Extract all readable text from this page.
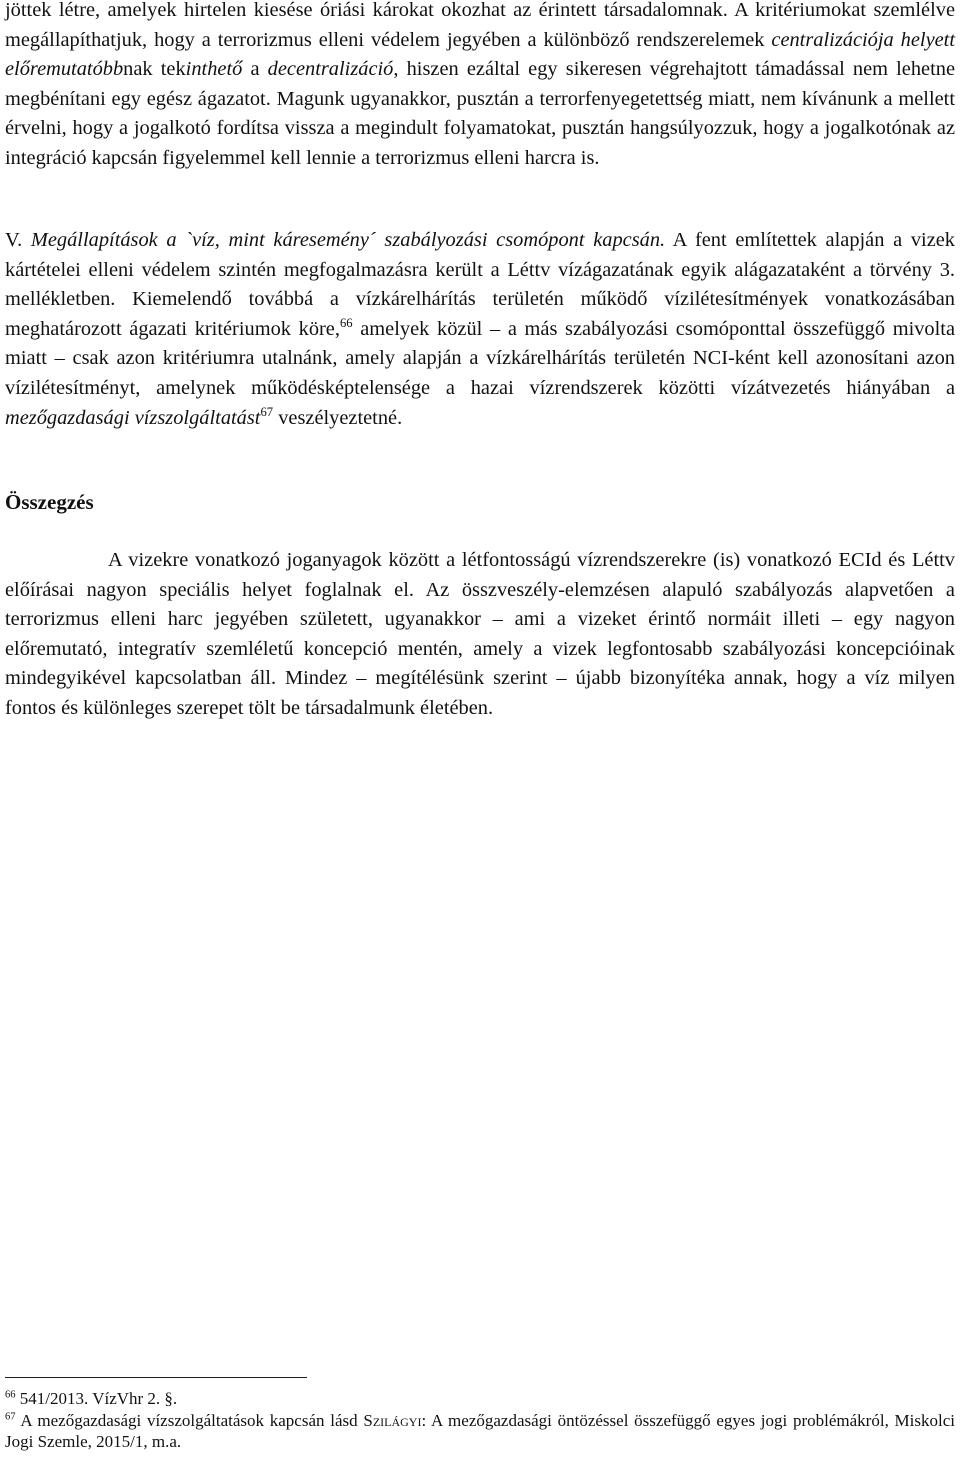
jöttek létre, amelyek hirtelen kiesése óriási károkat okozhat az érintett társadalomnak. A kritériumokat szemlélve megállapíthatjuk, hogy a terrorizmus elleni védelem jegyében a különböző rendszerelemek centralizációja helyett előremutatóbbnak tekinthető a decentralizáció, hiszen ezáltal egy sikeresen végrehajtott támadással nem lehetne megbénítani egy egész ágazatot. Magunk ugyanakkor, pusztán a terrorfenyegetettség miatt, nem kívánunk a mellett érvelni, hogy a jogalkotó fordítsa vissza a megindult folyamatokat, pusztán hangsúlyozzuk, hogy a jogalkotónak az integráció kapcsán figyelemmel kell lennie a terrorizmus elleni harcra is.

V. Megállapítások a `víz, mint káresemény´ szabályozási csomópont kapcsán. A fent említettek alapján a vizek kártételei elleni védelem szintén megfogalmazásra került a Léttv vízágazatának egyik alágazataként a törvény 3. mellékletben. Kiemelendő továbbá a vízkárelhárítás területén működő vízilétesítmények vonatkozásában meghatározott ágazati kritériumok köre,$^{66}$ amelyek közül – a más szabályozási csomóponttal összefüggő mivolta miatt – csak azon kritériumra utalnánk, amely alapján a vízkárelhárítás területén NCI-ként kell azonosítani azon vízilétesítményt, amelynek működésképtelensége a hazai vízrendszerek közötti vízátvezetés hiányában a mezőgazdasági vízszolgáltatást$^{67}$ veszélyeztetné.

Összegzés

A vizekre vonatkozó joganyagok között a létfontosságú vízrendszerekre (is) vonatkozó ECId és Léttv előírásai nagyon speciális helyet foglalnak el. Az összveszély-elemzésen alapuló szabályozás alapvetően a terrorizmus elleni harc jegyében született, ugyanakkor – ami a vizeket érintő normáit illeti – egy nagyon előremutató, integratív szemléletű koncepció mentén, amely a vizek legfontosabb szabályozási koncepcióinak mindegyikével kapcsolatban áll. Mindez – megítélésünk szerint – újabb bizonyítéka annak, hogy a víz milyen fontos és különleges szerepet tölt be társadalmunk életében.

$^{66}$ 541/2013. VízVhr 2. §.

$^{67}$ A mezőgazdasági vízszolgáltatások kapcsán lásd Szilágyi: A mezőgazdasági öntözéssel összefüggő egyes jogi problémákról, Miskolci Jogi Szemle, 2015/1, m.a.
